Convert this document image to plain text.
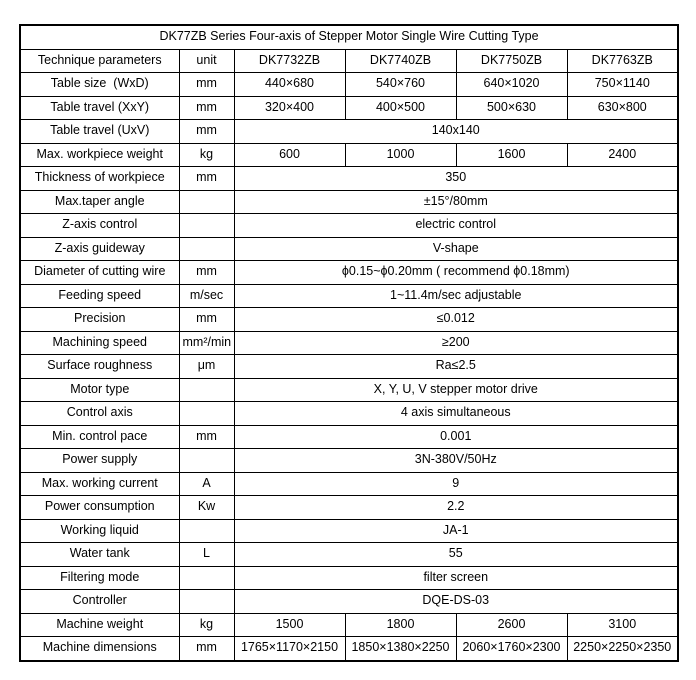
DK77ZB Series Four-axis of Stepper Motor Single Wire Cutting Type					
Technique parameters	unit	DK7732ZB	DK7740ZB	DK7750ZB	DK7763ZB
Table size  (WxD)	mm	440×680	540×760	640×1020	750×1140
Table travel (XxY)	mm	320×400	400×500	500×630	630×800
Table travel (UxV)	mm	140x140			
Max. workpiece weight	kg	600	1000	1600	2400
Thickness of workpiece	mm	350			
Max.taper angle		±15°/80mm			
Z-axis control		electric control			
Z-axis guideway		V-shape			
Diameter of cutting wire	mm	ϕ0.15~ϕ0.20mm ( recommend ϕ0.18mm)			
Feeding speed	m/sec	1~11.4m/sec adjustable			
Precision	mm	≤0.012			
Machining speed	mm²/min	≥200			
Surface roughness	μm	Ra≤2.5			
Motor type		X, Y, U, V stepper motor drive			
Control axis		4 axis simultaneous			
Min. control pace	mm	0.001			
Power supply		3N-380V/50Hz			
Max. working current	A	9			
Power consumption	Kw	2.2			
Working liquid		JA-1			
Water tank	L	55			
Filtering mode		filter screen			
Controller		DQE-DS-03			
Machine weight	kg	1500	1800	2600	3100
Machine dimensions	mm	1765×1170×2150	1850×1380×2250	2060×1760×2300	2250×2250×2350
